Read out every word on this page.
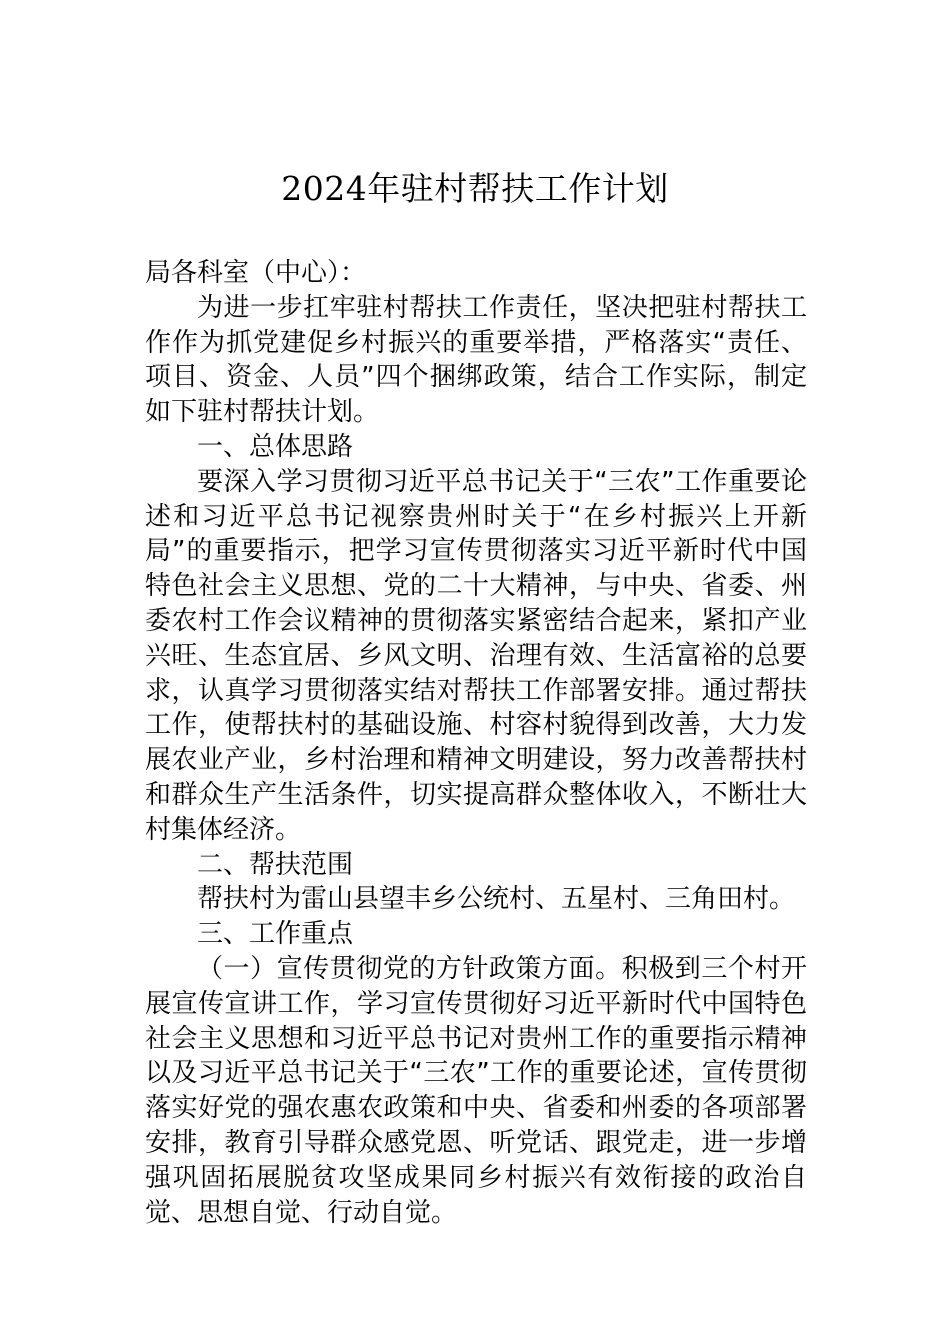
2024年驻村帮扶工作计划

局各科室（中心）：

为进一步扛牢驻村帮扶工作责任，坚决把驻村帮扶工作作为抓党建促乡村振兴的重要举措，严格落实“责任、项目、资金、人员”四个捆绑政策，结合工作实际，制定如下驻村帮扶计划。

一、总体思路

要深入学习贯彻习近平总书记关于“三农”工作重要论述和习近平总书记视察贵州时关于“在乡村振兴上开新局”的重要指示，把学习宣传贯彻落实习近平新时代中国特色社会主义思想、党的二十大精神，与中央、省委、州委农村工作会议精神的贯彻落实紧密结合起来，紧扣产业兴旺、生态宜居、乡风文明、治理有效、生活富裕的总要求，认真学习贯彻落实结对帮扶工作部署安排。通过帮扶工作，使帮扶村的基础设施、村容村貌得到改善，大力发展农业产业，乡村治理和精神文明建设，努力改善帮扶村和群众生产生活条件，切实提高群众整体收入，不断壮大村集体经济。

二、帮扶范围

帮扶村为雷山县望丰乡公统村、五星村、三角田村。

三、工作重点

（一）宣传贯彻党的方针政策方面。积极到三个村开展宣传宣讲工作，学习宣传贯彻好习近平新时代中国特色社会主义思想和习近平总书记对贵州工作的重要指示精神以及习近平总书记关于“三农”工作的重要论述，宣传贯彻落实好党的强农惠农政策和中央、省委和州委的各项部署安排，教育引导群众感党恩、听党话、跟党走，进一步增强巩固拓展脱贫攻坚成果同乡村振兴有效衔接的政治自觉、思想自觉、行动自觉。
